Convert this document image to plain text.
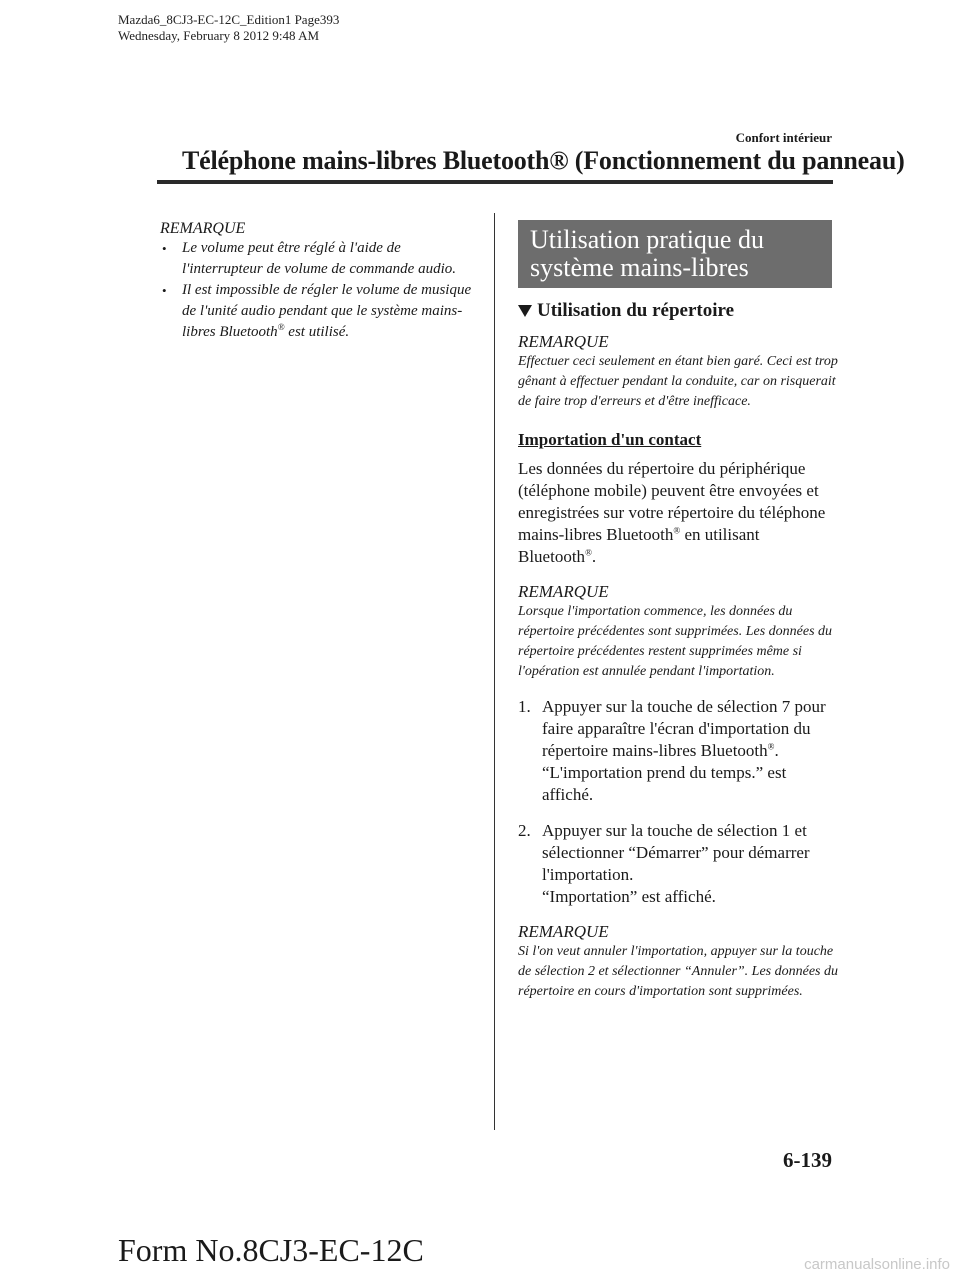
Mazda6_8CJ3-EC-12C_Edition1 Page393
Wednesday, February 8 2012 9:48 AM
Confort intérieur
Téléphone mains-libres Bluetooth® (Fonctionnement du panneau)
REMARQUE
• Le volume peut être réglé à l'aide de l'interrupteur de volume de commande audio.
• Il est impossible de régler le volume de musique de l'unité audio pendant que le système mains-libres Bluetooth® est utilisé.
Utilisation pratique du
système mains-libres
Utilisation du répertoire
REMARQUE
Effectuer ceci seulement en étant bien garé. Ceci est trop gênant à effectuer pendant la conduite, car on risquerait de faire trop d'erreurs et d'être inefficace.
Importation d'un contact
Les données du répertoire du périphérique (téléphone mobile) peuvent être envoyées et enregistrées sur votre répertoire du téléphone mains-libres Bluetooth® en utilisant Bluetooth®.
REMARQUE
Lorsque l'importation commence, les données du répertoire précédentes sont supprimées. Les données du répertoire précédentes restent supprimées même si l'opération est annulée pendant l'importation.
1. Appuyer sur la touche de sélection 7 pour faire apparaître l'écran d'importation du répertoire mains-libres Bluetooth®.
“L'importation prend du temps.” est affiché.
2. Appuyer sur la touche de sélection 1 et sélectionner “Démarrer” pour démarrer l'importation.
“Importation” est affiché.
REMARQUE
Si l'on veut annuler l'importation, appuyer sur la touche de sélection 2 et sélectionner “Annuler”. Les données du répertoire en cours d'importation sont supprimées.
6-139
Form No.8CJ3-EC-12C	carmanualsonline.info
